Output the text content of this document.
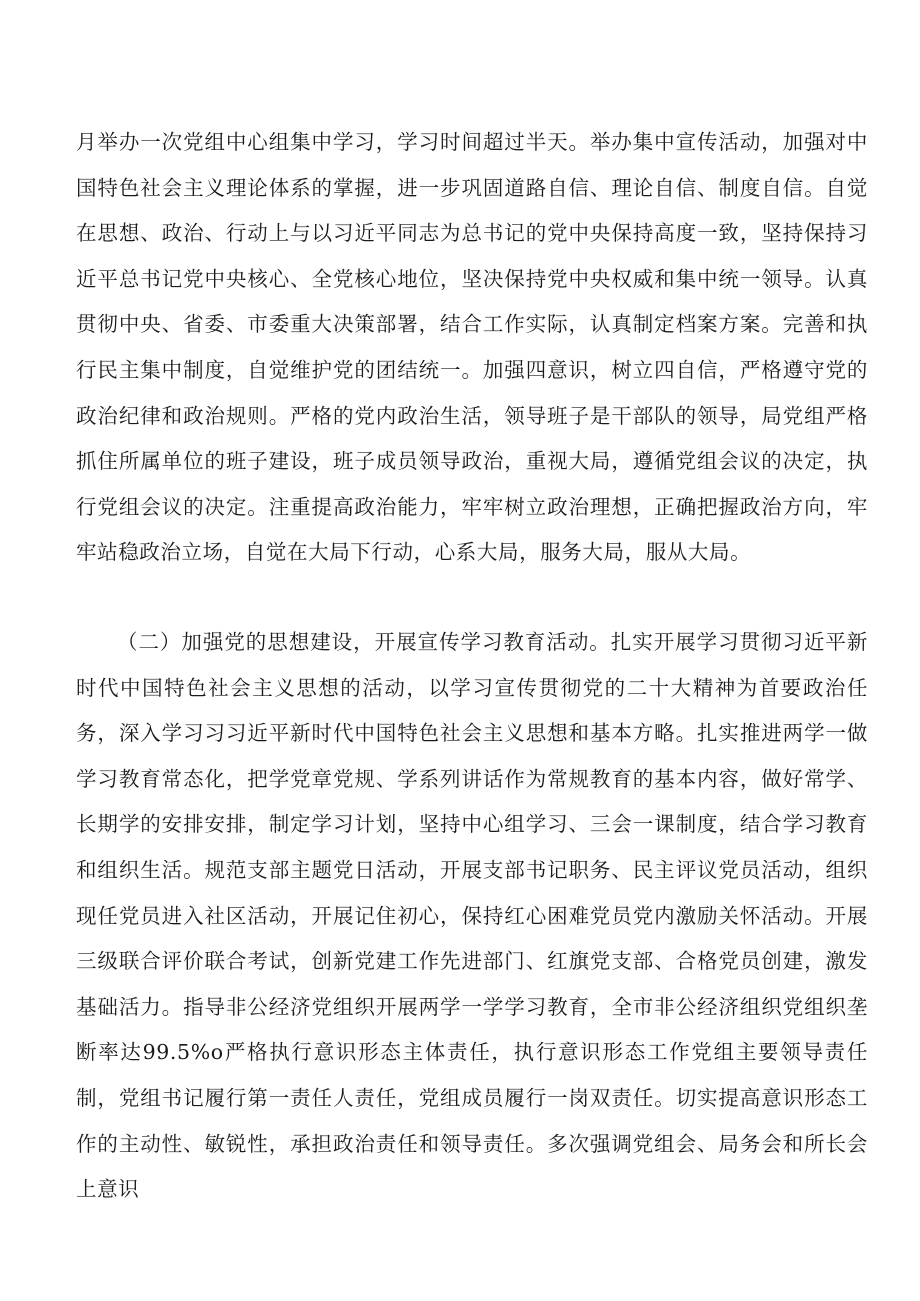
月举办一次党组中心组集中学习，学习时间超过半天。举办集中宣传活动，加强对中国特色社会主义理论体系的掌握，进一步巩固道路自信、理论自信、制度自信。自觉在思想、政治、行动上与以习近平同志为总书记的党中央保持高度一致，坚持保持习近平总书记党中央核心、全党核心地位，坚决保持党中央权威和集中统一领导。认真贯彻中央、省委、市委重大决策部署，结合工作实际，认真制定档案方案。完善和执行民主集中制度，自觉维护党的团结统一。加强四意识，树立四自信，严格遵守党的政治纪律和政治规则。严格的党内政治生活，领导班子是干部队的领导，局党组严格抓住所属单位的班子建设，班子成员领导政治，重视大局，遵循党组会议的决定，执行党组会议的决定。注重提高政治能力，牢牢树立政治理想，正确把握政治方向，牢牢站稳政治立场，自觉在大局下行动，心系大局，服务大局，服从大局。

（二）加强党的思想建设，开展宣传学习教育活动。扎实开展学习贯彻习近平新时代中国特色社会主义思想的活动，以学习宣传贯彻党的二十大精神为首要政治任务，深入学习习习近平新时代中国特色社会主义思想和基本方略。扎实推进两学一做学习教育常态化，把学党章党规、学系列讲话作为常规教育的基本内容，做好常学、长期学的安排安排，制定学习计划，坚持中心组学习、三会一课制度，结合学习教育和组织生活。规范支部主题党日活动，开展支部书记职务、民主评议党员活动，组织现任党员进入社区活动，开展记住初心，保持红心困难党员党内激励关怀活动。开展三级联合评价联合考试，创新党建工作先进部门、红旗党支部、合格党员创建，激发基础活力。指导非公经济党组织开展两学一学学习教育，全市非公经济组织党组织垄断率达99.5%o严格执行意识形态主体责任，执行意识形态工作党组主要领导责任制，党组书记履行第一责任人责任，党组成员履行一岗双责任。切实提高意识形态工作的主动性、敏锐性，承担政治责任和领导责任。多次强调党组会、局务会和所长会上意识
